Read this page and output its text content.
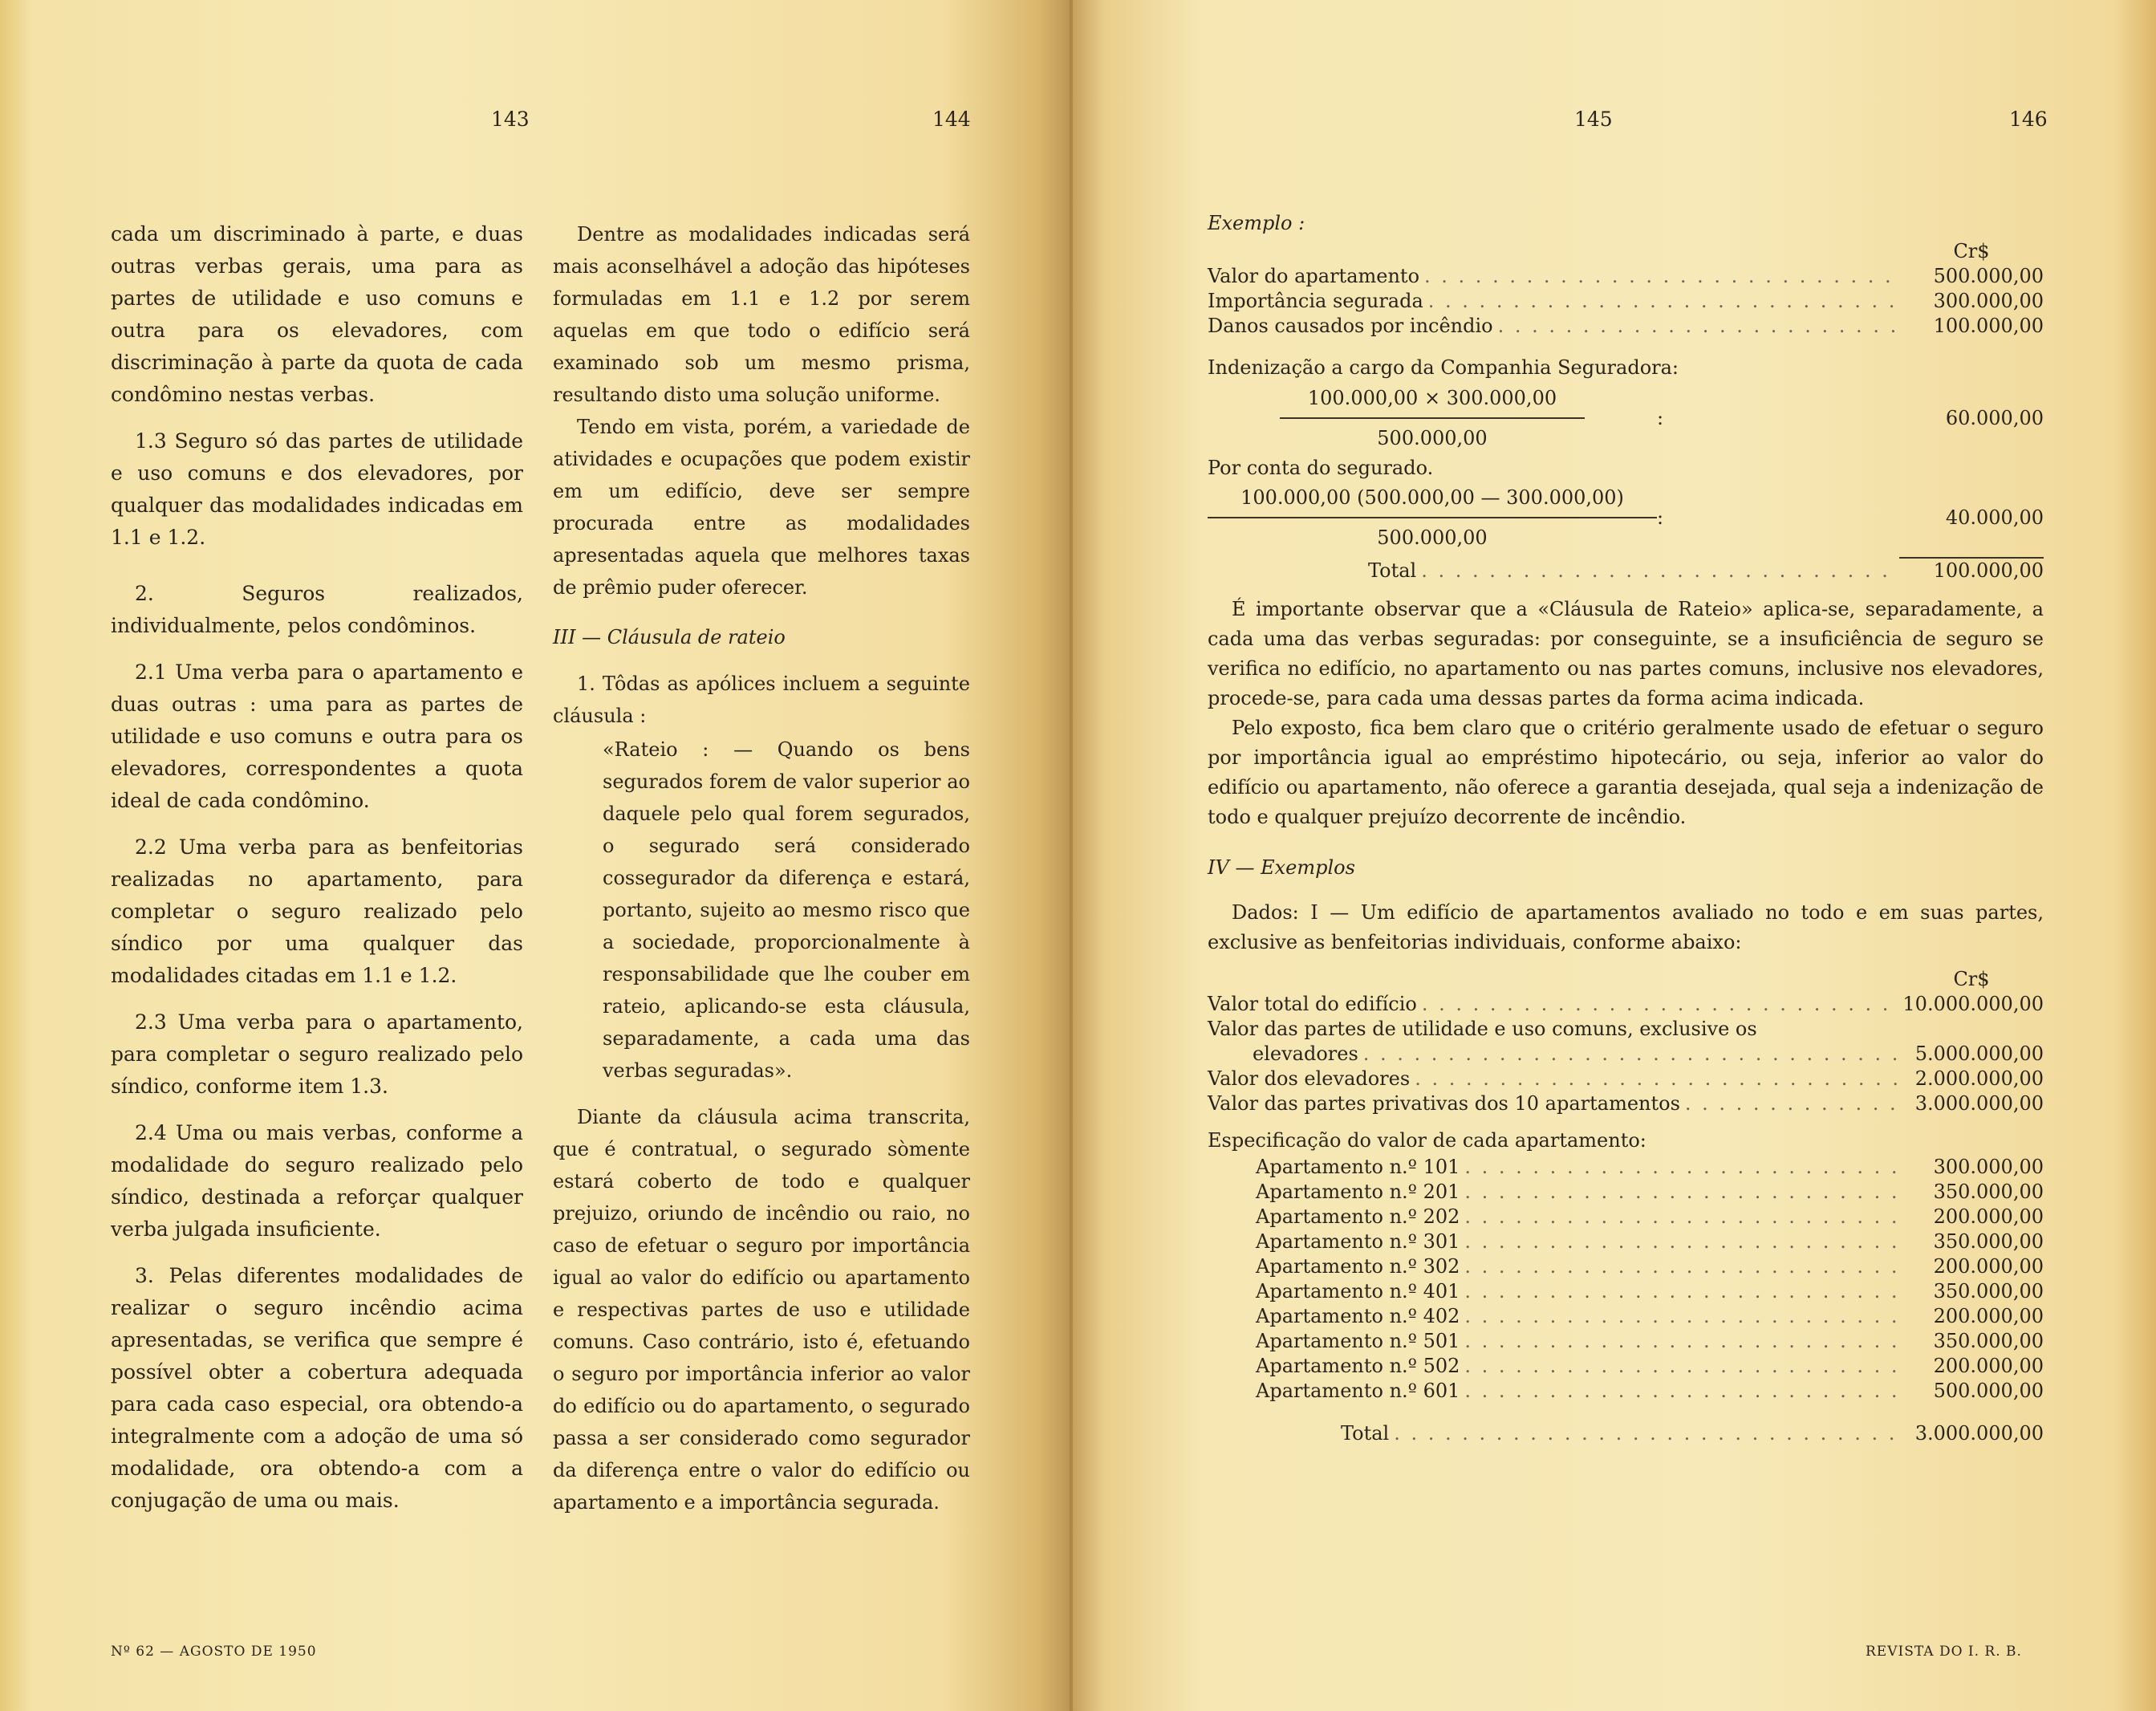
143	144	145	146

cada um discriminado à parte, e duas outras verbas gerais, uma para as partes de utilidade e uso comuns e outra para os elevadores, com discriminação à parte da quota de cada condômino nestas verbas.

1.3 Seguro só das partes de utilidade e uso comuns e dos elevadores, por qualquer das modalidades indicadas em 1.1 e 1.2.

2. Seguros realizados, individualmente, pelos condôminos.

2.1 Uma verba para o apartamento e duas outras : uma para as partes de utilidade e uso comuns e outra para os elevadores, correspondentes a quota ideal de cada condômino.

2.2 Uma verba para as benfeitorias realizadas no apartamento, para completar o seguro realizado pelo síndico por uma qualquer das modalidades citadas em 1.1 e 1.2.

2.3 Uma verba para o apartamento, para completar o seguro realizado pelo síndico, conforme item 1.3.

2.4 Uma ou mais verbas, conforme a modalidade do seguro realizado pelo síndico, destinada a reforçar qualquer verba julgada insuficiente.

3. Pelas diferentes modalidades de realizar o seguro incêndio acima apresentadas, se verifica que sempre é possível obter a cobertura adequada para cada caso especial, ora obtendo-a integralmente com a adoção de uma só modalidade, ora obtendo-a com a conjugação de uma ou mais.

Dentre as modalidades indicadas será mais aconselhável a adoção das hipóteses formuladas em 1.1 e 1.2 por serem aquelas em que todo o edifício será examinado sob um mesmo prisma, resultando disto uma solução uniforme.

Tendo em vista, porém, a variedade de atividades e ocupações que podem existir em um edifício, deve ser sempre procurada entre as modalidades apresentadas aquela que melhores taxas de prêmio puder oferecer.

III — Cláusula de rateio

1. Tôdas as apólices incluem a seguinte cláusula :

«Rateio : — Quando os bens segurados forem de valor superior ao daquele pelo qual forem segurados, o segurado será considerado cossegurador da diferença e estará, portanto, sujeito ao mesmo risco que a sociedade, proporcionalmente à responsabilidade que lhe couber em rateio, aplicando-se esta cláusula, separadamente, a cada uma das verbas seguradas».

Diante da cláusula acima transcrita, que é contratual, o segurado sòmente estará coberto de todo e qualquer prejuizo, oriundo de incêndio ou raio, no caso de efetuar o seguro por importância igual ao valor do edifício ou apartamento e respectivas partes de uso e utilidade comuns. Caso contrário, isto é, efetuando o seguro por importância inferior ao valor do edifício ou do apartamento, o segurado passa a ser considerado como segurador da diferença entre o valor do edifício ou apartamento e a importância segurada.

Exemplo :
Cr$
Valor do apartamento . . .	500.000,00
Importância segurada . . .	300.000,00
Danos causados por incêndio . . .	100.000,00
Indenização a cargo da Companhia Seguradora:
$\frac{100.000,00 \times 300.000,00}{500.000,00}$ :	60.000,00
Por conta do segurado.
$\frac{100.000,00 (500.000,00 — 300.000,00)}{500.000,00}$ :	40.000,00
Total . . .	100.000,00

É importante observar que a «Cláusula de Rateio» aplica-se, separadamente, a cada uma das verbas seguradas: por conseguinte, se a insuficiência de seguro se verifica no edifício, no apartamento ou nas partes comuns, inclusive nos elevadores, procede-se, para cada uma dessas partes da forma acima indicada.

Pelo exposto, fica bem claro que o critério geralmente usado de efetuar o seguro por importância igual ao empréstimo hipotecário, ou seja, inferior ao valor do edifício ou apartamento, não oferece a garantia desejada, qual seja a indenização de todo e qualquer prejuízo decorrente de incêndio.

IV — Exemplos

Dados: I — Um edifício de apartamentos avaliado no todo e em suas partes, exclusive as benfeitorias individuais, conforme abaixo:

Cr$
Valor total do edifício . . .	10.000.000,00
Valor das partes de utilidade e uso comuns, exclusive os
elevadores . . .	5.000.000,00
Valor dos elevadores . . .	2.000.000,00
Valor das partes privativas dos 10 apartamentos . . .	3.000.000,00
Especificação do valor de cada apartamento:
Apartamento n.º 101 . . .	300.000,00
Apartamento n.º 201 . . .	350.000,00
Apartamento n.º 202 . . .	200.000,00
Apartamento n.º 301 . . .	350.000,00
Apartamento n.º 302 . . .	200.000,00
Apartamento n.º 401 . . .	350.000,00
Apartamento n.º 402 . . .	200.000,00
Apartamento n.º 501 . . .	350.000,00
Apartamento n.º 502 . . .	200.000,00
Apartamento n.º 601 . . .	500.000,00
Total . . .	3.000.000,00
Nº 62 — AGOSTO DE 1950	REVISTA DO I. R. B.
